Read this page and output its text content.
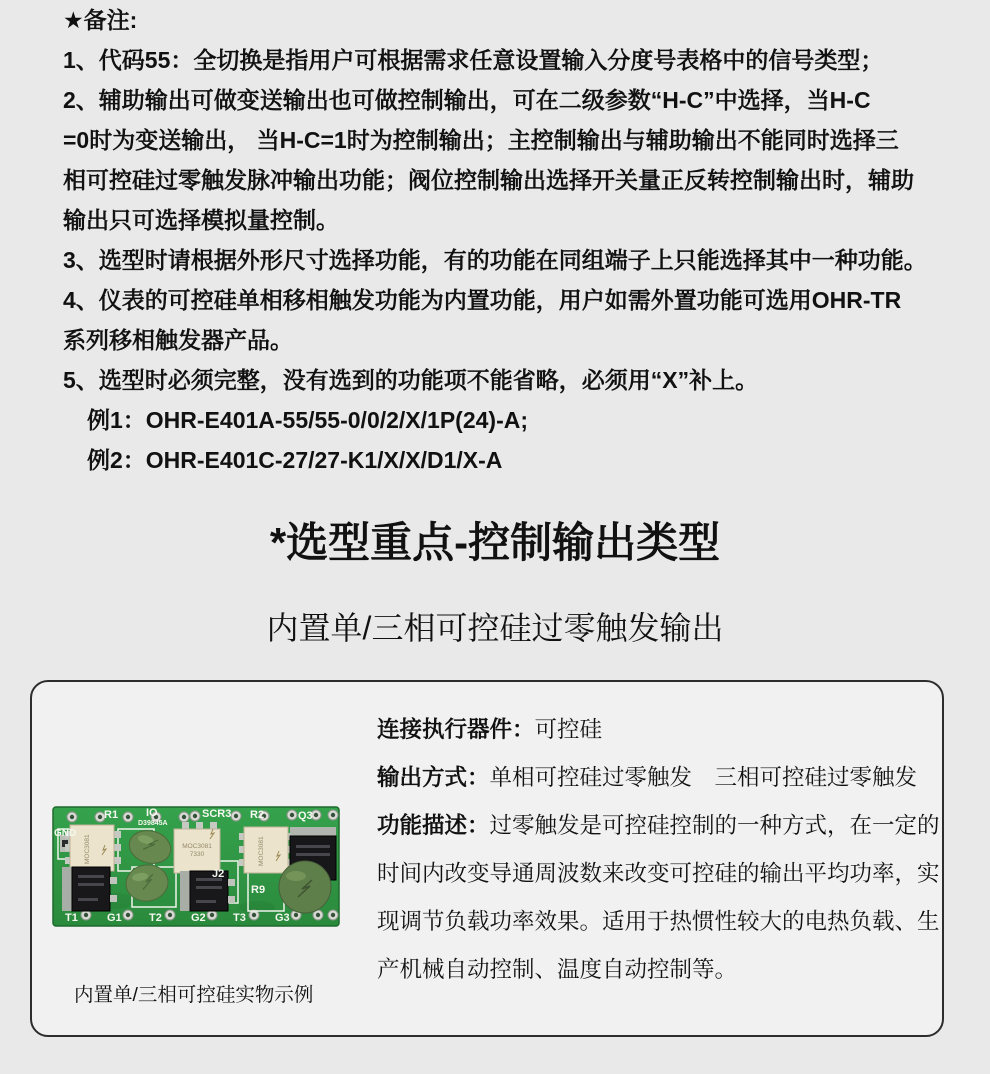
★备注:
1、代码55：全切换是指用户可根据需求任意设置输入分度号表格中的信号类型；
2、辅助输出可做变送输出也可做控制输出，可在二级参数“H-C”中选择，当H-C
=0时为变送输出， 当H-C=1时为控制输出；主控制输出与辅助输出不能同时选择三
相可控硅过零触发脉冲输出功能；阀位控制输出选择开关量正反转控制输出时，辅助
输出只可选择模拟量控制。
3、选型时请根据外形尺寸选择功能，有的功能在同组端子上只能选择其中一种功能。
4、仪表的可控硅单相移相触发功能为内置功能，用户如需外置功能可选用OHR-TR
系列移相触发器产品。
5、选型时必须完整，没有选到的功能项不能省略，必须用“X”补上。
例1：OHR-E401A-55/55-0/0/2/X/1P(24)-A;
例2：OHR-E401C-27/27-K1/X/X/D1/X-A
*选型重点-控制输出类型
内置单/三相可控硅过零触发输出
MOC3081	MOC3081
7330	MOC3081
GND
R1	IO
D39845A
SCR3 R2	Q3
J2
R9
T1	G1 T2	G2 T3	G3
连接执行器件：可控硅
输出方式：单相可控硅过零触发　三相可控硅过零触发
功能描述：过零触发是可控硅控制的一种方式，在一定的
时间内改变导通周波数来改变可控硅的输出平均功率，实
现调节负载功率效果。适用于热惯性较大的电热负载、生
产机械自动控制、温度自动控制等。
内置单/三相可控硅实物示例
